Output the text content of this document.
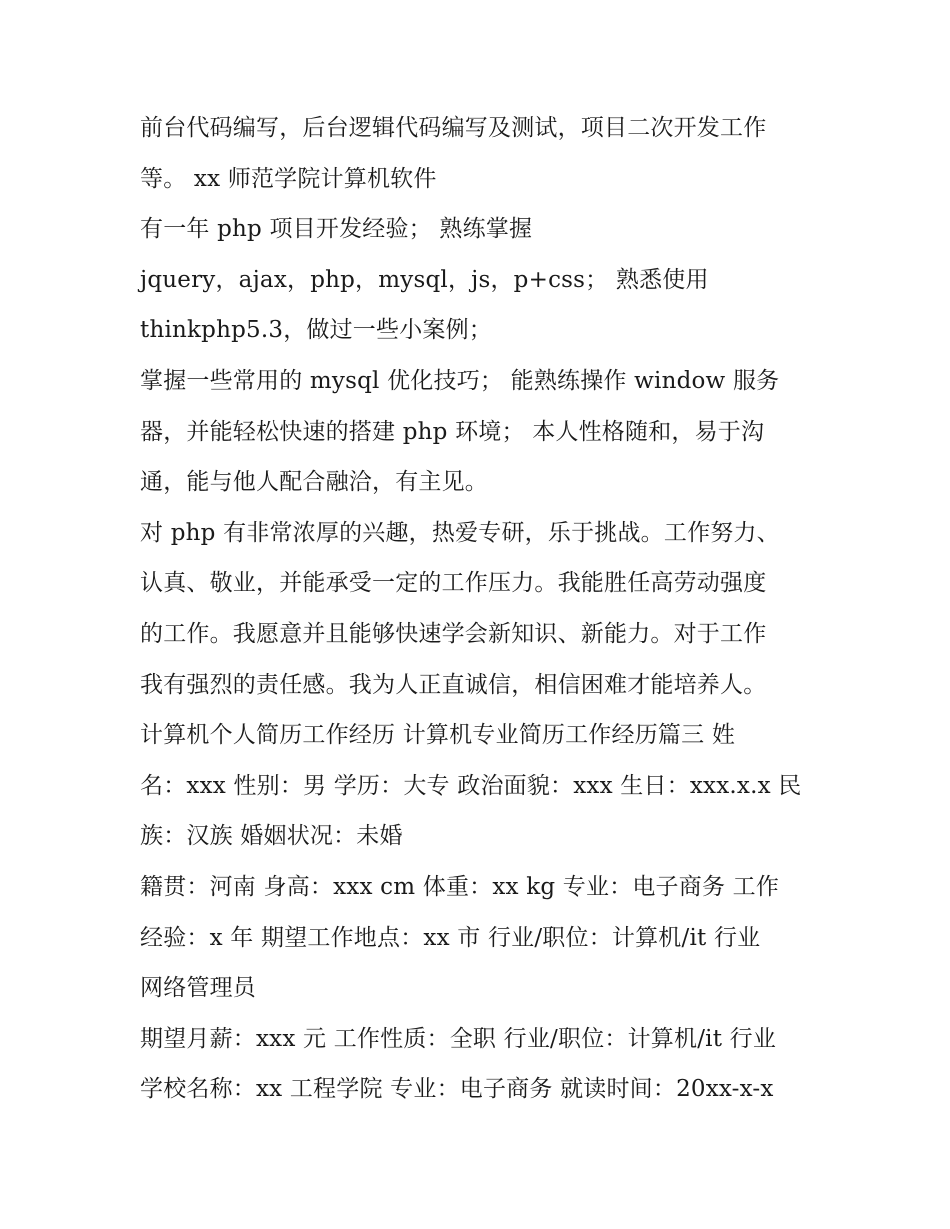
前台代码编写，后台逻辑代码编写及测试，项目二次开发工作
等。 xx 师范学院计算机软件
有一年 php 项目开发经验； 熟练掌握
jquery，ajax，php，mysql，js，p+css； 熟悉使用
thinkphp5.3，做过一些小案例；
掌握一些常用的 mysql 优化技巧； 能熟练操作 window 服务
器，并能轻松快速的搭建 php 环境； 本人性格随和，易于沟
通，能与他人配合融洽，有主见。
对 php 有非常浓厚的兴趣，热爱专研，乐于挑战。工作努力、
认真、敬业，并能承受一定的工作压力。我能胜任高劳动强度
的工作。我愿意并且能够快速学会新知识、新能力。对于工作
我有强烈的责任感。我为人正直诚信，相信困难才能培养人。
计算机个人简历工作经历 计算机专业简历工作经历篇三 姓
名：xxx 性别：男 学历：大专 政治面貌：xxx 生日：xxx.x.x 民
族：汉族 婚姻状况：未婚
籍贯：河南 身高：xxx cm 体重：xx kg 专业：电子商务 工作
经验：x 年 期望工作地点：xx 市 行业/职位：计算机/it 行业
网络管理员
期望月薪：xxx 元 工作性质：全职 行业/职位：计算机/it 行业
学校名称：xx 工程学院 专业：电子商务 就读时间：20xx-x-x
